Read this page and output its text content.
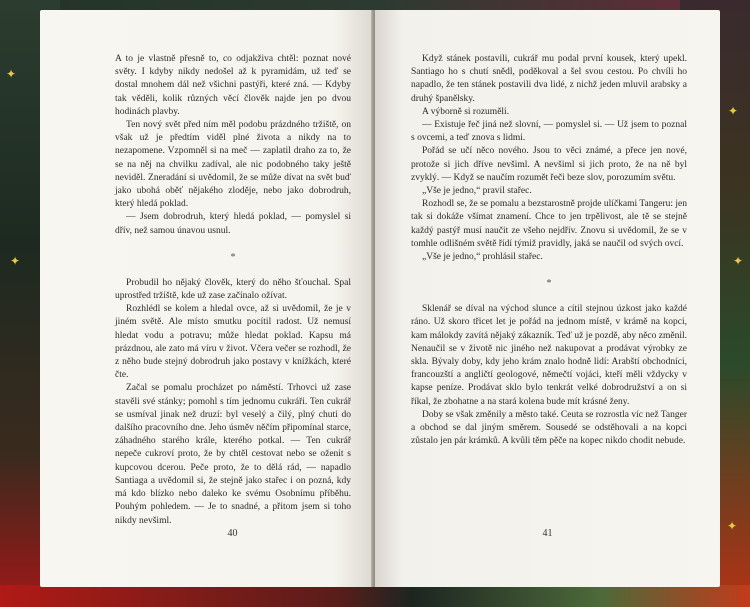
✦
✦
✦
✦
✦

A to je vlastně přesně to, co odjakživa chtěl: poznat nové světy. I kdyby nikdy nedošel až k pyramidám, už teď se dostal mnohem dál než všichni pastýři, které zná. — Kdyby tak věděli, kolik různých věcí člověk najde jen po dvou hodinách plavby.

Ten nový svět před ním měl podobu prázdného tržiště, on však už je předtím viděl plné života a nikdy na to nezapomene. Vzpomněl si na meč — zaplatil draho za to, že se na něj na chvilku zadíval, ale nic podobného taky ještě neviděl. Zneradání si uvědomil, že se může dívat na svět buď jako ubohá oběť nějakého zloděje, nebo jako dobrodruh, který hledá poklad.

— Jsem dobrodruh, který hledá poklad, — pomyslel si dřív, než samou únavou usnul.

*

Probudil ho nějaký člověk, který do něho šťouchal. Spal uprostřed tržiště, kde už zase začínalo ožívat.

Rozhlédl se kolem a hledal ovce, až si uvědomil, že je v jiném světě. Ale místo smutku pocítil radost. Už nemusí hledat vodu a potravu; může hledat poklad. Kapsu má prázdnou, ale zato má víru v život. Včera večer se rozhodl, že z něho bude stejný dobrodruh jako postavy v knížkách, které čte.

Začal se pomalu procházet po náměstí. Trhovci už zase stavěli své stánky; pomohl s tím jednomu cukráři. Ten cukrář se usmíval jinak než druzí: byl veselý a čilý, plný chuti do dalšího pracovního dne. Jeho úsměv něčím připomínal starce, záhadného starého krále, kterého potkal. — Ten cukrář nepeče cukroví proto, že by chtěl cestovat nebo se oženit s kupcovou dcerou. Peče proto, že to dělá rád, — napadlo Santiaga a uvědomil si, že stejně jako stařec i on pozná, kdy má kdo blízko nebo daleko ke svému Osobnímu příběhu. Pouhým pohledem. — Je to snadné, a přitom jsem si toho nikdy nevšiml.

40

Když stánek postavili, cukrář mu podal první kousek, který upekl. Santiago ho s chutí snědl, poděkoval a šel svou cestou. Po chvíli ho napadlo, že ten stánek postavili dva lidé, z nichž jeden mluvil arabsky a druhý španělsky.

A výborně si rozuměli.

— Existuje řeč jiná než slovní, — pomyslel si. — Už jsem to poznal s ovcemi, a teď znova s lidmi.

Pořád se učí něco nového. Jsou to věci známé, a přece jen nové, protože si jich dříve nevšiml. A nevšiml si jich proto, že na ně byl zvyklý. — Když se naučím rozumět řeči beze slov, porozumím světu.

„Vše je jedno,“ pravil stařec.

Rozhodl se, že se pomalu a bezstarostně projde ulíčkami Tangeru: jen tak si dokáže všímat znamení. Chce to jen trpělivost, ale tě se stejně každý pastýř musí naučit ze všeho nejdřív. Znovu si uvědomil, že se v tomhle odlišném světě řídí týmiž pravidly, jaká se naučil od svých ovcí.

„Vše je jedno,“ prohlásil stařec.

*

Sklenář se díval na východ slunce a cítil stejnou úzkost jako každé ráno. Už skoro třicet let je pořád na jednom místě, v krámě na kopci, kam málokdy zavítá nějaký zákazník. Teď už je pozdě, aby něco změnil. Nenaučil se v životě nic jiného než nakupovat a prodávat výrobky ze skla. Bývaly doby, kdy jeho krám znalo hodně lidí: Arabští obchodníci, francouzští a angličtí geologové, němečtí vojáci, kteří měli vždycky v kapse peníze. Prodávat sklo bylo tenkrát velké dobrodružství a on si říkal, že zbohatne a na stará kolena bude mít krásné ženy.

Doby se však změnily a město také. Ceuta se rozrostla víc než Tanger a obchod se dal jiným směrem. Sousedé se odstěhovali a na kopci zůstalo jen pár krámků. A kvůli těm pěče na kopec nikdo chodit nebude.

41
